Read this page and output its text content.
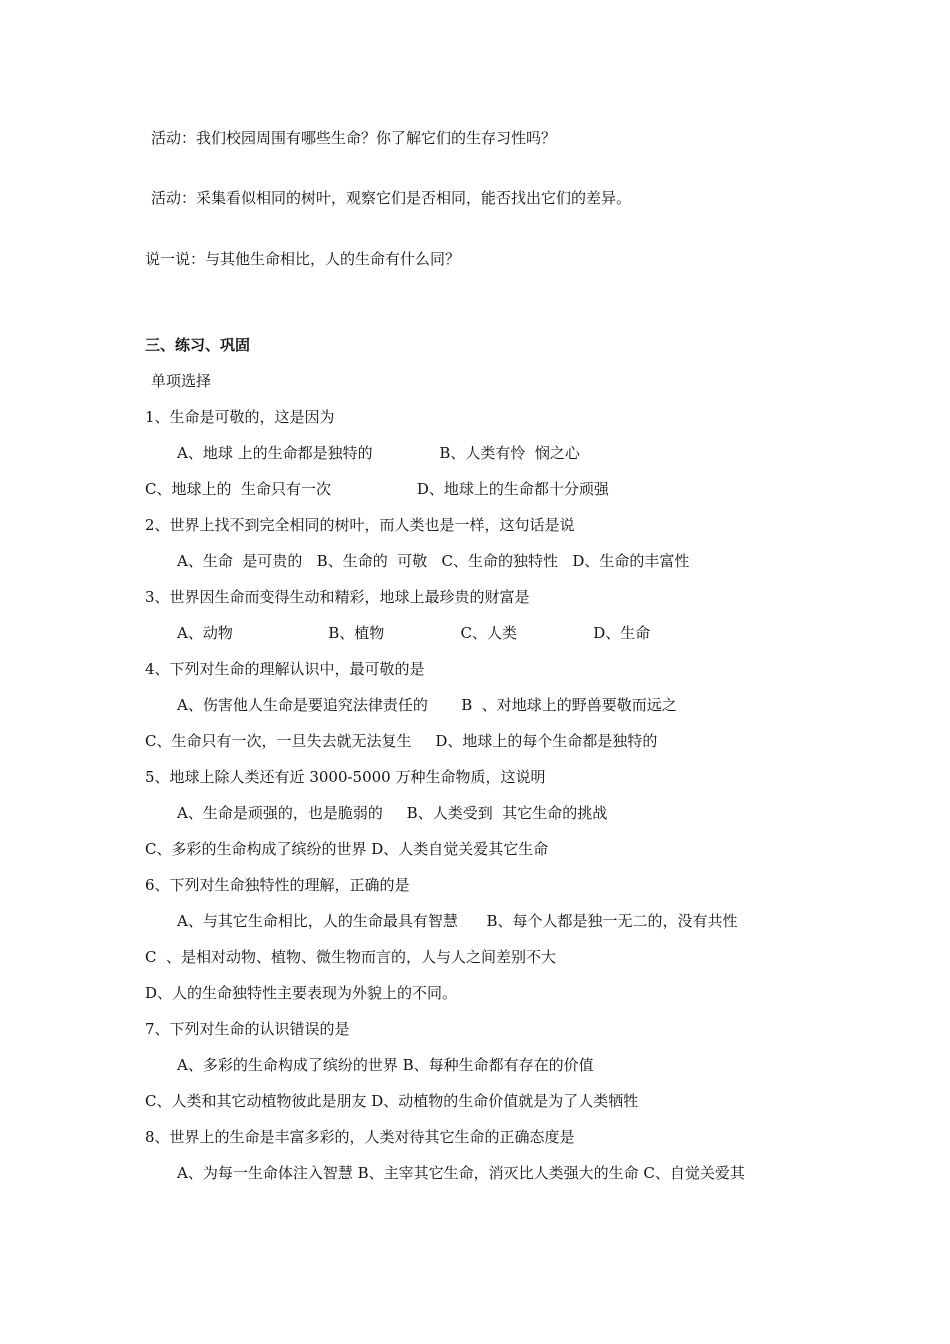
活动：我们校园周围有哪些生命？你了解它们的生存习性吗？
活动：采集看似相同的树叶，观察它们是否相同，能否找出它们的差异。
说一说：与其他生命相比，人的生命有什么同？
三、练习、巩固
单项选择
1、生命是可敬的，这是因为
A、地球 上的生命都是独特的              B、人类有怜  悯之心
C、地球上的  生命只有一次                  D、地球上的生命都十分顽强
2、世界上找不到完全相同的树叶，而人类也是一样，这句话是说
A、生命  是可贵的   B、生命的  可敬   C、生命的独特性   D、生命的丰富性
3、世界因生命而变得生动和精彩，地球上最珍贵的财富是
A、动物                    B、植物                C、人类                D、生命
4、下列对生命的理解认识中，最可敬的是
A、伤害他人生命是要追究法律责任的       B  、对地球上的野兽要敬而远之
C、生命只有一次，一旦失去就无法复生     D、地球上的每个生命都是独特的
5、地球上除人类还有近 3000-5000 万种生命物质，这说明
A、生命是顽强的，也是脆弱的     B、人类受到  其它生命的挑战
C、多彩的生命构成了缤纷的世界 D、人类自觉关爱其它生命
6、下列对生命独特性的理解，正确的是
A、与其它生命相比，人的生命最具有智慧      B、每个人都是独一无二的，没有共性
C  、是相对动物、植物、微生物而言的，人与人之间差别不大
D、人的生命独特性主要表现为外貌上的不同。
7、下列对生命的认识错误的是
A、多彩的生命构成了缤纷的世界 B、每种生命都有存在的价值
C、人类和其它动植物彼此是朋友 D、动植物的生命价值就是为了人类牺牲
8、世界上的生命是丰富多彩的，人类对待其它生命的正确态度是
A、为每一生命体注入智慧 B、主宰其它生命，消灭比人类强大的生命 C、自觉关爱其
